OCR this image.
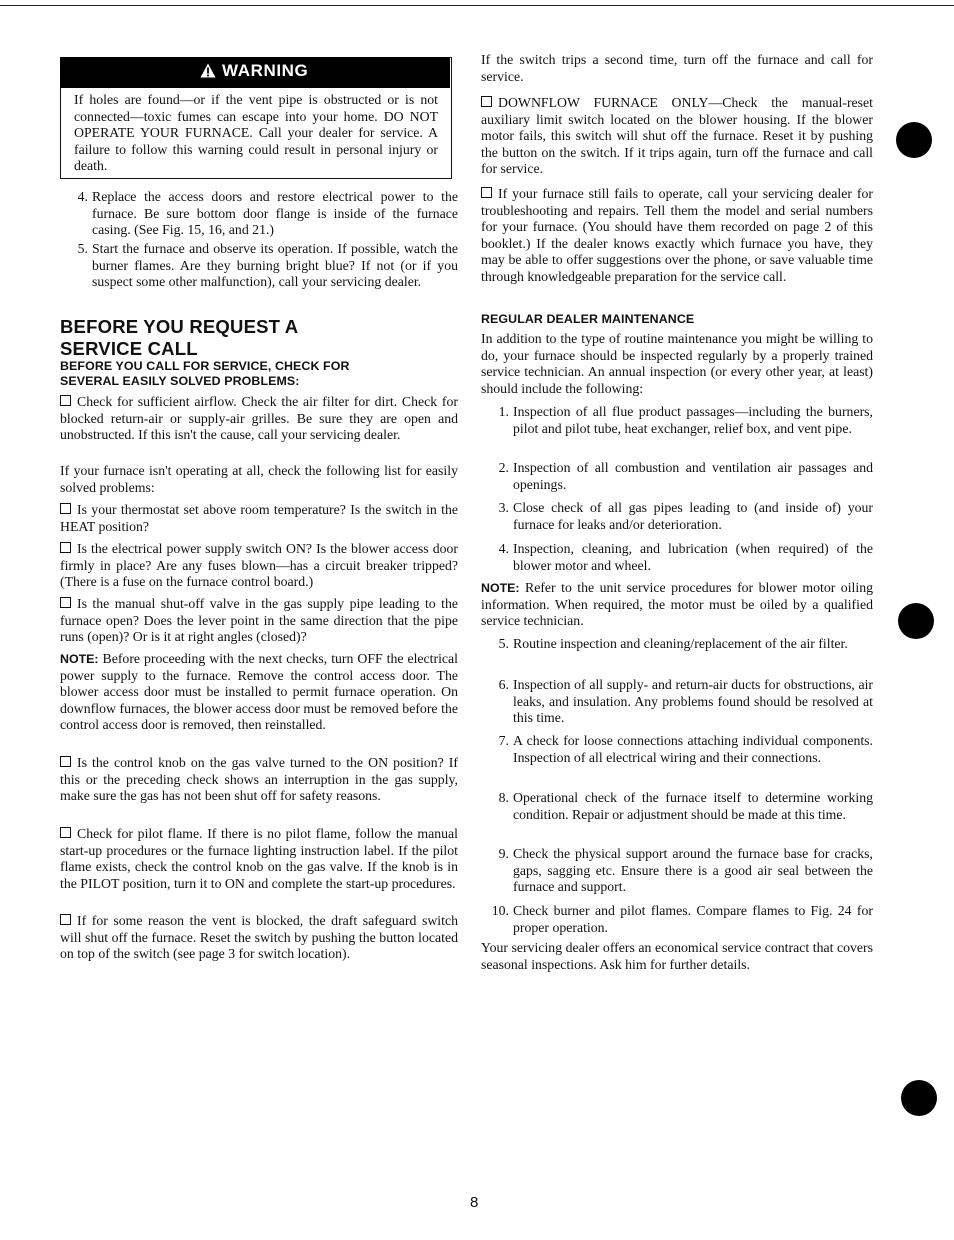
WARNING

If holes are found—or if the vent pipe is obstructed or is not connected—toxic fumes can escape into your home. DO NOT OPERATE YOUR FURNACE. Call your dealer for service. A failure to follow this warning could result in personal injury or death.

4. Replace the access doors and restore electrical power to the furnace. Be sure bottom door flange is inside of the furnace casing. (See Fig. 15, 16, and 21.)

5. Start the furnace and observe its operation. If possible, watch the burner flames. Are they burning bright blue? If not (or if you suspect some other malfunction), call your servicing dealer.

BEFORE YOU REQUEST A
SERVICE CALL
BEFORE YOU CALL FOR SERVICE, CHECK FOR
SEVERAL EASILY SOLVED PROBLEMS:

Check for sufficient airflow. Check the air filter for dirt. Check for blocked return-air or supply-air grilles. Be sure they are open and unobstructed. If this isn't the cause, call your servicing dealer.

If your furnace isn't operating at all, check the following list for easily solved problems:

Is your thermostat set above room temperature? Is the switch in the HEAT position?

Is the electrical power supply switch ON? Is the blower access door firmly in place? Are any fuses blown—has a circuit breaker tripped? (There is a fuse on the furnace control board.)

Is the manual shut-off valve in the gas supply pipe leading to the furnace open? Does the lever point in the same direction that the pipe runs (open)? Or is it at right angles (closed)?

NOTE: Before proceeding with the next checks, turn OFF the electrical power supply to the furnace. Remove the control access door. The blower access door must be installed to permit furnace operation. On downflow furnaces, the blower access door must be removed before the control access door is removed, then reinstalled.

Is the control knob on the gas valve turned to the ON position? If this or the preceding check shows an interruption in the gas supply, make sure the gas has not been shut off for safety reasons.

Check for pilot flame. If there is no pilot flame, follow the manual start-up procedures or the furnace lighting instruction label. If the pilot flame exists, check the control knob on the gas valve. If the knob is in the PILOT position, turn it to ON and complete the start-up procedures.

If for some reason the vent is blocked, the draft safeguard switch will shut off the furnace. Reset the switch by pushing the button located on top of the switch (see page 3 for switch location).

If the switch trips a second time, turn off the furnace and call for service.

DOWNFLOW FURNACE ONLY—Check the manual-reset auxiliary limit switch located on the blower housing. If the blower motor fails, this switch will shut off the furnace. Reset it by pushing the button on the switch. If it trips again, turn off the furnace and call for service.

If your furnace still fails to operate, call your servicing dealer for troubleshooting and repairs. Tell them the model and serial numbers for your furnace. (You should have them recorded on page 2 of this booklet.) If the dealer knows exactly which furnace you have, they may be able to offer suggestions over the phone, or save valuable time through knowledgeable preparation for the service call.

REGULAR DEALER MAINTENANCE

In addition to the type of routine maintenance you might be willing to do, your furnace should be inspected regularly by a properly trained service technician. An annual inspection (or every other year, at least) should include the following:

1. Inspection of all flue product passages—including the burners, pilot and pilot tube, heat exchanger, relief box, and vent pipe.

2. Inspection of all combustion and ventilation air passages and openings.

3. Close check of all gas pipes leading to (and inside of) your furnace for leaks and/or deterioration.

4. Inspection, cleaning, and lubrication (when required) of the blower motor and wheel.

NOTE: Refer to the unit service procedures for blower motor oiling information. When required, the motor must be oiled by a qualified service technician.

5. Routine inspection and cleaning/replacement of the air filter.

6. Inspection of all supply- and return-air ducts for obstructions, air leaks, and insulation. Any problems found should be resolved at this time.

7. A check for loose connections attaching individual components. Inspection of all electrical wiring and their connections.

8. Operational check of the furnace itself to determine working condition. Repair or adjustment should be made at this time.

9. Check the physical support around the furnace base for cracks, gaps, sagging etc. Ensure there is a good air seal between the furnace and support.

10. Check burner and pilot flames. Compare flames to Fig. 24 for proper operation.

Your servicing dealer offers an economical service contract that covers seasonal inspections. Ask him for further details.

8
